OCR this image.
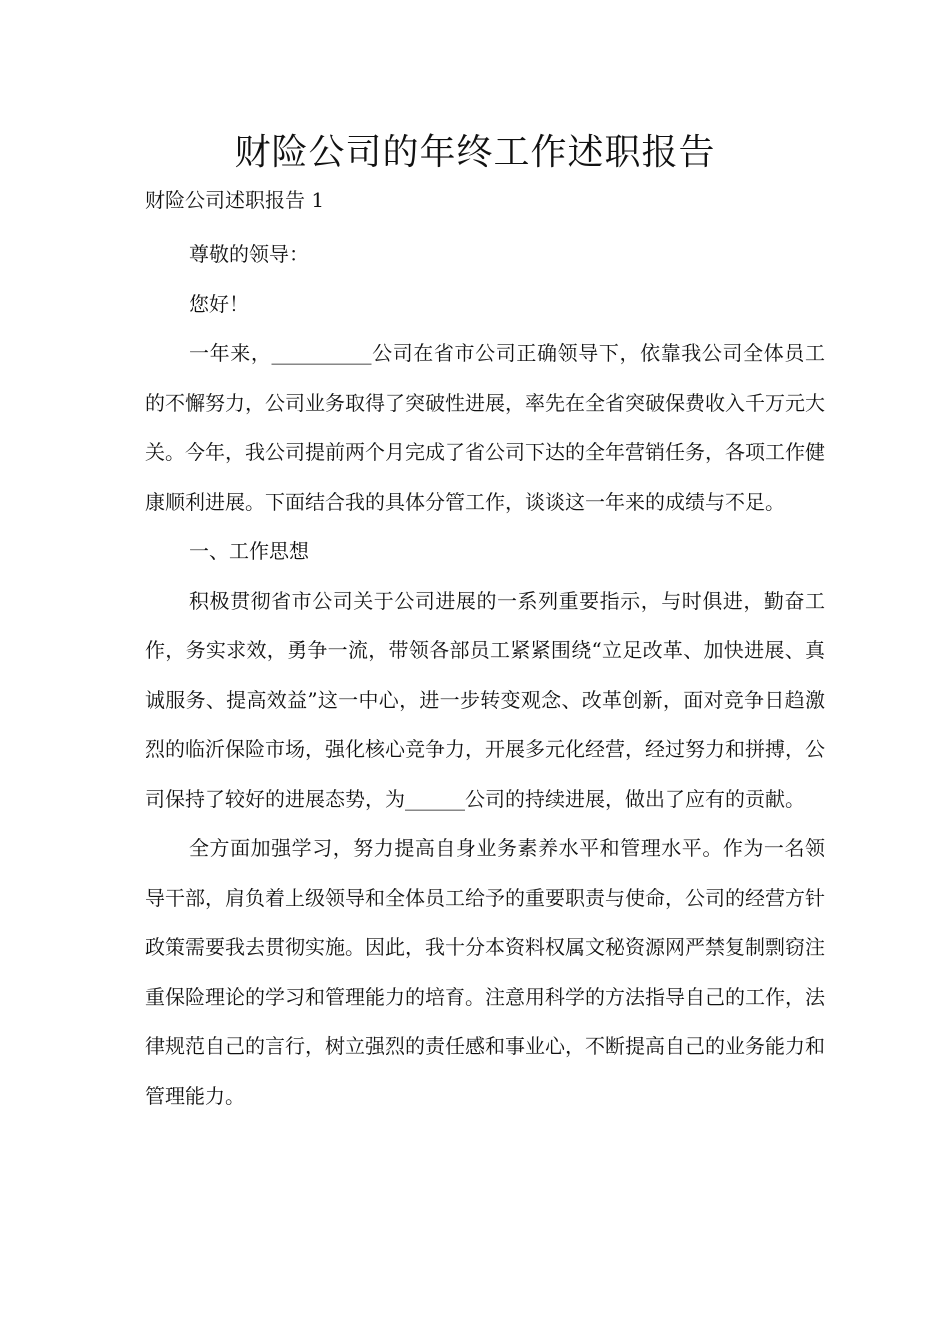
财险公司的年终工作述职报告

财险公司述职报告 1

尊敬的领导：

您好！

一年来，__________公司在省市公司正确领导下，依靠我公司全体员工的不懈努力，公司业务取得了突破性进展，率先在全省突破保费收入千万元大关。今年，我公司提前两个月完成了省公司下达的全年营销任务，各项工作健康顺利进展。下面结合我的具体分管工作，谈谈这一年来的成绩与不足。

一、工作思想

积极贯彻省市公司关于公司进展的一系列重要指示，与时俱进，勤奋工作，务实求效，勇争一流，带领各部员工紧紧围绕“立足改革、加快进展、真诚服务、提高效益”这一中心，进一步转变观念、改革创新，面对竞争日趋激烈的临沂保险市场，强化核心竞争力，开展多元化经营，经过努力和拼搏，公司保持了较好的进展态势，为______公司的持续进展，做出了应有的贡献。

全方面加强学习，努力提高自身业务素养水平和管理水平。作为一名领导干部，肩负着上级领导和全体员工给予的重要职责与使命，公司的经营方针政策需要我去贯彻实施。因此，我十分本资料权属文秘资源网严禁复制剽窃注重保险理论的学习和管理能力的培育。注意用科学的方法指导自己的工作，法律规范自己的言行，树立强烈的责任感和事业心，不断提高自己的业务能力和管理能力。
